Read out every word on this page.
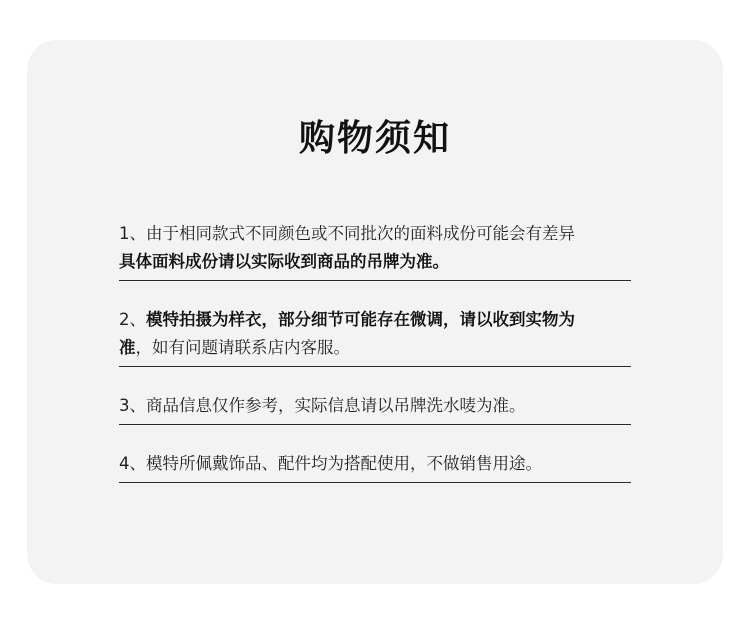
购物须知
1、由于相同款式不同颜色或不同批次的面料成份可能会有差异
具体面料成份请以实际收到商品的吊牌为准。
2、模特拍摄为样衣，部分细节可能存在微调，请以收到实物为
准，如有问题请联系店内客服。
3、商品信息仅作参考，实际信息请以吊牌洗水唛为准。
4、模特所佩戴饰品、配件均为搭配使用，不做销售用途。
